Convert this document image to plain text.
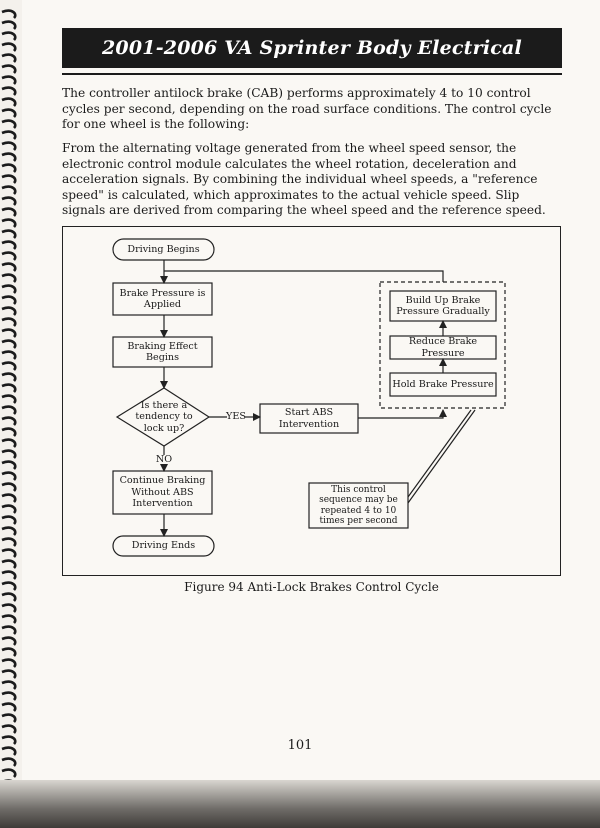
2001-2006 VA Sprinter Body Electrical

The controller antilock brake (CAB) performs approximately 4 to 10 control cycles per second, depending on the road surface conditions. The control cycle for one wheel is the following:

From the alternating voltage generated from the wheel speed sensor, the electronic control module calculates the wheel rotation, deceleration and acceleration signals. By combining the individual wheel speeds, a "reference speed" is calculated, which approximates to the actual vehicle speed. Slip signals are derived from comparing the wheel speed and the reference speed.

Driving Begins
Brake Pressure is Applied
Braking Effect Begins
Is there a tendency to lock up?
YES
NO
Start ABS Intervention
Build Up Brake Pressure Gradually
Reduce Brake Pressure
Hold Brake Pressure
Continue Braking Without ABS Intervention
This control sequence may be repeated 4 to 10 times per second
Driving Ends
Figure 94 Anti-Lock Brakes Control Cycle
101
